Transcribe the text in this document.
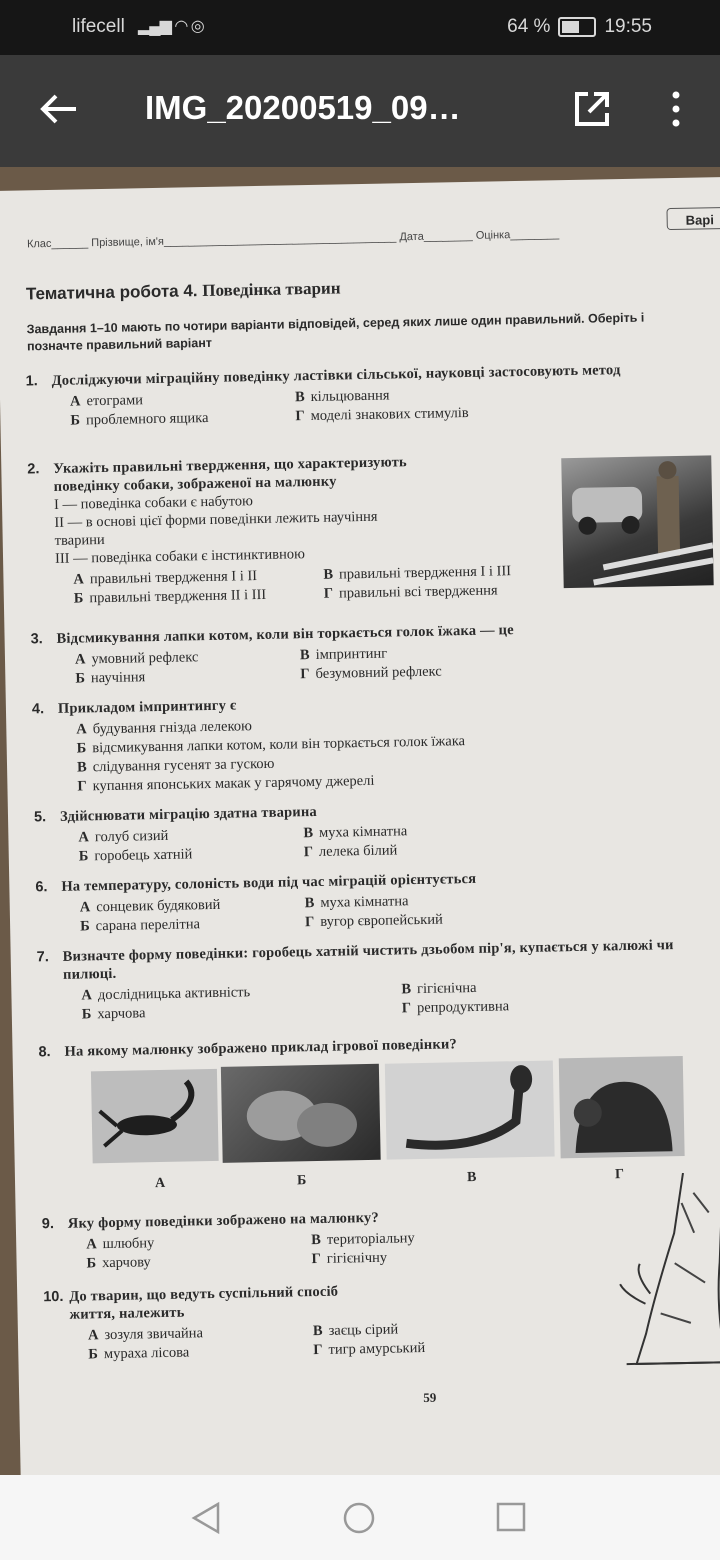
lifecell ▂▄▆ ◠ ◎	64 %	19:55
IMG_20200519_09…
Клас______ Прізвище, ім'я______________________________________ Дата________ Оцінка________
Варі
Тематична робота 4. Поведінка тварин
Завдання 1–10 мають по чотири варіанти відповідей, серед яких лише один правильний. Оберіть і позначте правильний варіант
1. Досліджуючи міграційну поведінку ластівки сільської, науковці застосовують метод
А етограми	В кільцювання
Б проблемного ящика	Г моделі знакових стимулів
2. Укажіть правильні твердження, що характеризують поведінку собаки, зображеної на малюнку
I — поведінка собаки є набутою
II — в основі цієї форми поведінки лежить научіння тварини
III — поведінка собаки є інстинктивною
А правильні твердження I і II	В правильні твердження I і III
Б правильні твердження II і III	Г правильні всі твердження
3. Відсмикування лапки котом, коли він торкається голок їжака — це
А умовний рефлекс	В імпринтинг
Б научіння	Г безумовний рефлекс
4. Прикладом імпринтингу є
А будування гнізда лелекою
Б відсмикування лапки котом, коли він торкається голок їжака
В слідування гусенят за гускою
Г купання японських макак у гарячому джерелі
5. Здійснювати міграцію здатна тварина
А голуб сизий	В муха кімнатна
Б горобець хатній	Г лелека білий
6. На температуру, солоність води під час міграцій орієнтується
А сонцевик будяковий	В муха кімнатна
Б сарана перелітна	Г вугор європейський
7. Визначте форму поведінки: горобець хатній чистить дзьобом пір'я, купається у калюжі чи пилюці.
А дослідницька активність	В гігієнічна
Б харчова	Г репродуктивна
8. На якому малюнку зображено приклад ігрової поведінки?
А	Б	В	Г
9. Яку форму поведінки зображено на малюнку?
А шлюбну	В територіальну
Б харчову	Г гігієнічну
10. До тварин, що ведуть суспільний спосіб життя, належить
А зозуля звичайна	В заєць сірий
Б мураха лісова	Г тигр амурський
59
